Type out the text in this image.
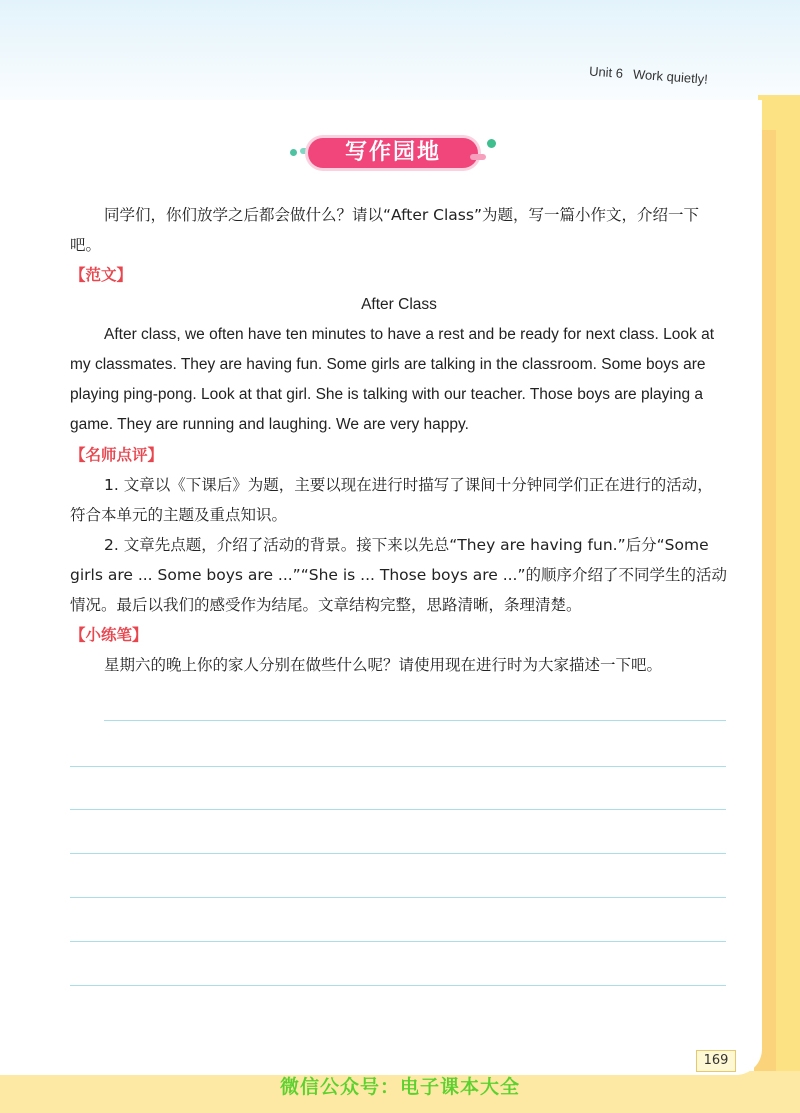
Unit 6 Work quietly!
写作园地

同学们，你们放学之后都会做什么？请以“After Class”为题，写一篇小作文，介绍一下吧。

【范文】

After Class

After class, we often have ten minutes to have a rest and be ready for next class. Look at my classmates. They are having fun. Some girls are talking in the classroom. Some boys are playing ping-pong. Look at that girl. She is talking with our teacher. Those boys are playing a game. They are running and laughing. We are very happy.

【名师点评】

1. 文章以《下课后》为题，主要以现在进行时描写了课间十分钟同学们正在进行的活动，符合本单元的主题及重点知识。

2. 文章先点题，介绍了活动的背景。接下来以先总“They are having fun.”后分“Some girls are ... Some boys are ...”“She is ... Those boys are ...”的顺序介绍了不同学生的活动情况。最后以我们的感受作为结尾。文章结构完整，思路清晰，条理清楚。

【小练笔】

星期六的晚上你的家人分别在做些什么呢？请使用现在进行时为大家描述一下吧。

169
微信公众号：电子课本大全
